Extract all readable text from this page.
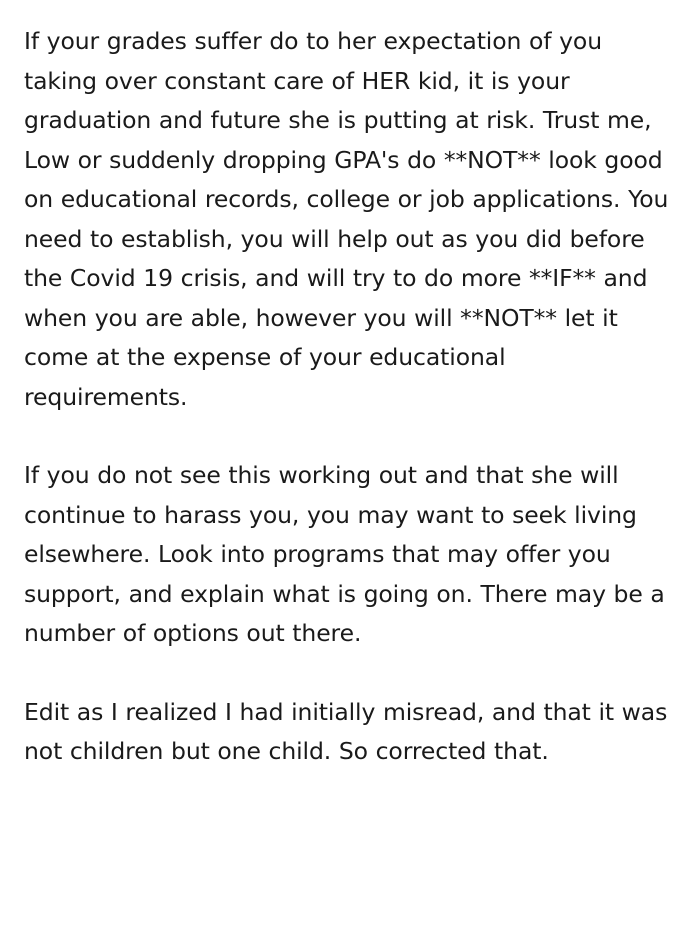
If your grades suffer do to her expectation of you taking over constant care of HER kid, it is your graduation and future she is putting at risk. Trust me, Low or suddenly dropping GPA's do **NOT** look good on educational records, college or job applications. You need to establish, you will help out as you did before the Covid 19 crisis, and will try to do more **IF** and when you are able, however you will **NOT** let it come at the expense of your educational requirements.

If you do not see this working out and that she will continue to harass you, you may want to seek living elsewhere. Look into programs that may offer you support, and explain what is going on. There may be a number of options out there.

Edit as I realized I had initially misread, and that it was not children but one child. So corrected that.
